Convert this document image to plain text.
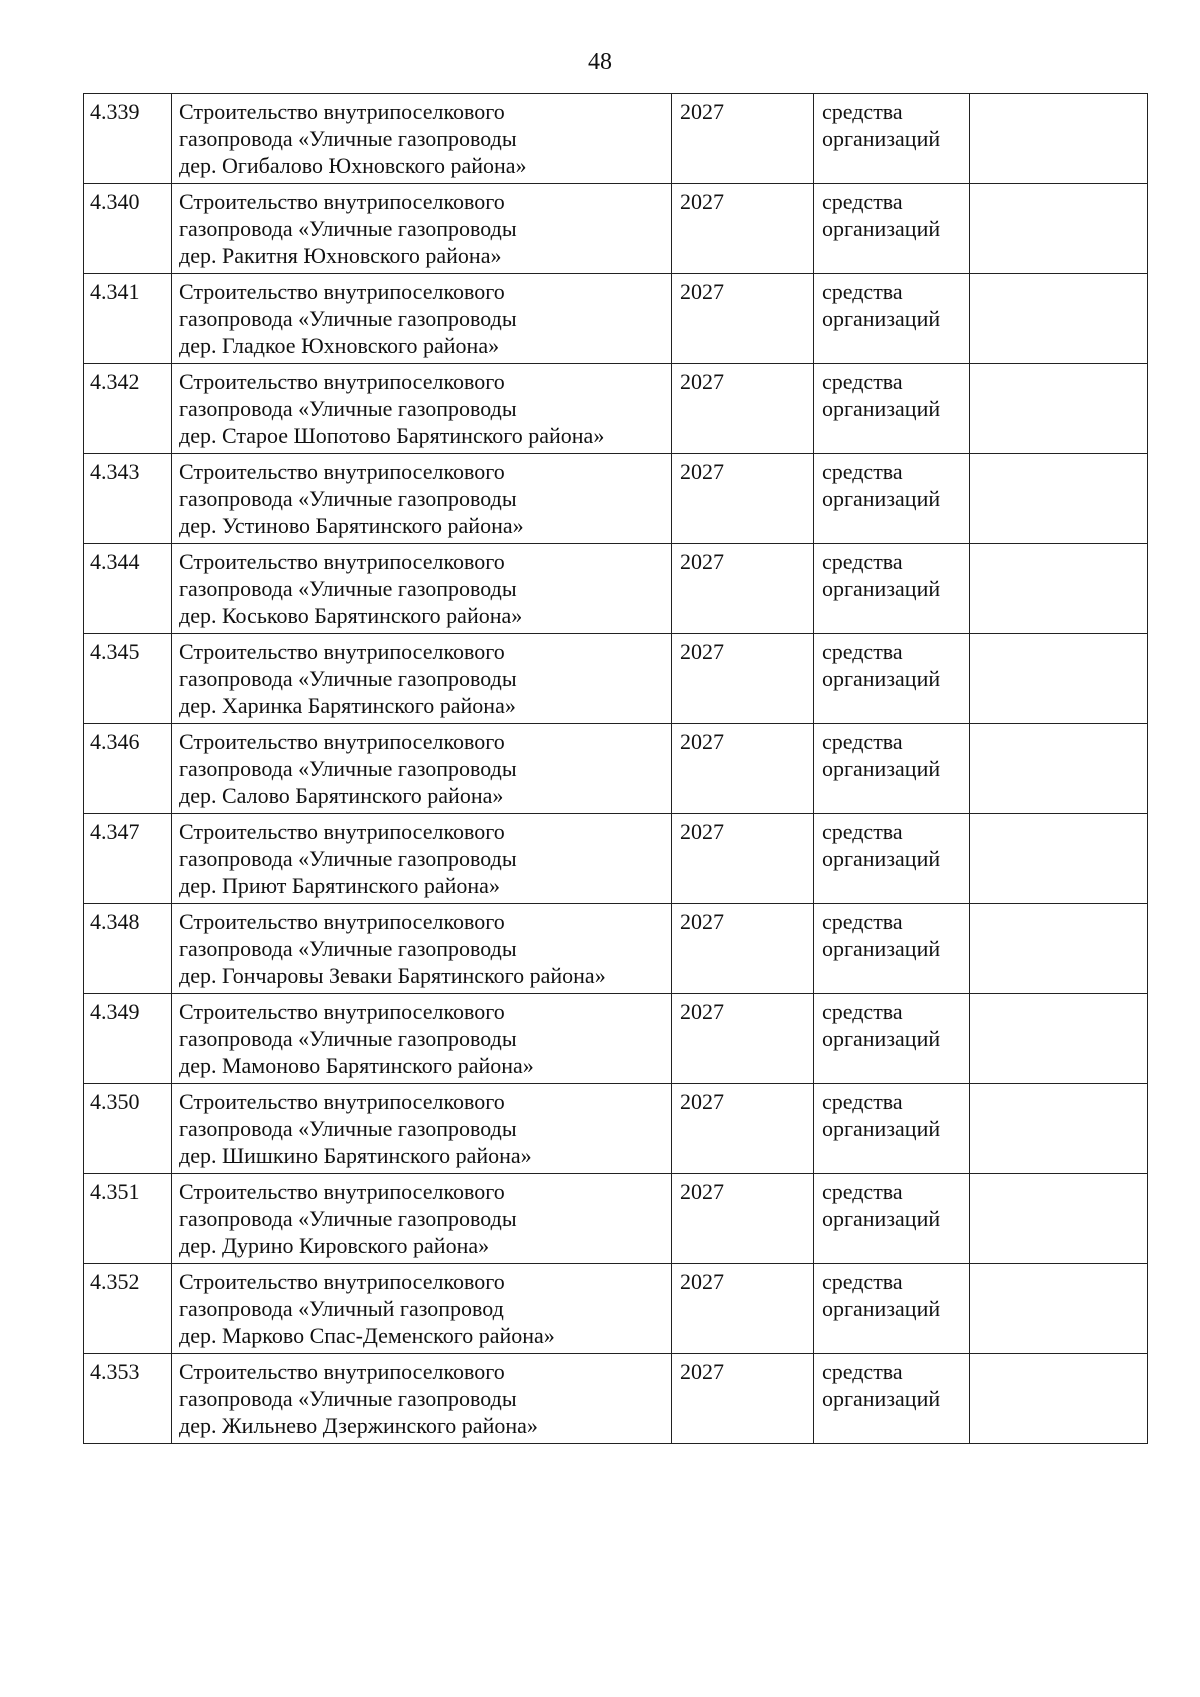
48
4.339	Строительство внутрипоселкового
газопровода «Уличные газопроводы
дер. Огибалово Юхновского района»	2027	средства
организаций	

4.340	Строительство внутрипоселкового
газопровода «Уличные газопроводы
дер. Ракитня Юхновского района»	2027	средства
организаций	

4.341	Строительство внутрипоселкового
газопровода «Уличные газопроводы
дер. Гладкое Юхновского района»	2027	средства
организаций	

4.342	Строительство внутрипоселкового
газопровода «Уличные газопроводы
дер. Старое Шопотово Барятинского района»	2027	средства
организаций	

4.343	Строительство внутрипоселкового
газопровода «Уличные газопроводы
дер. Устиново Барятинского района»	2027	средства
организаций	

4.344	Строительство внутрипоселкового
газопровода «Уличные газопроводы
дер. Коськово Барятинского района»	2027	средства
организаций	

4.345	Строительство внутрипоселкового
газопровода «Уличные газопроводы
дер. Харинка Барятинского района»	2027	средства
организаций	

4.346	Строительство внутрипоселкового
газопровода «Уличные газопроводы
дер. Салово Барятинского района»	2027	средства
организаций	

4.347	Строительство внутрипоселкового
газопровода «Уличные газопроводы
дер. Приют Барятинского района»	2027	средства
организаций	

4.348	Строительство внутрипоселкового
газопровода «Уличные газопроводы
дер. Гончаровы Зеваки Барятинского района»	2027	средства
организаций	

4.349	Строительство внутрипоселкового
газопровода «Уличные газопроводы
дер. Мамоново Барятинского района»	2027	средства
организаций	

4.350	Строительство внутрипоселкового
газопровода «Уличные газопроводы
дер. Шишкино Барятинского района»	2027	средства
организаций	

4.351	Строительство внутрипоселкового
газопровода «Уличные газопроводы
дер. Дурино Кировского района»	2027	средства
организаций	

4.352	Строительство внутрипоселкового
газопровода «Уличный газопровод
дер. Марково Спас-Деменского района»	2027	средства
организаций	

4.353	Строительство внутрипоселкового
газопровода «Уличные газопроводы
дер. Жильнево Дзержинского района»	2027	средства
организаций	
